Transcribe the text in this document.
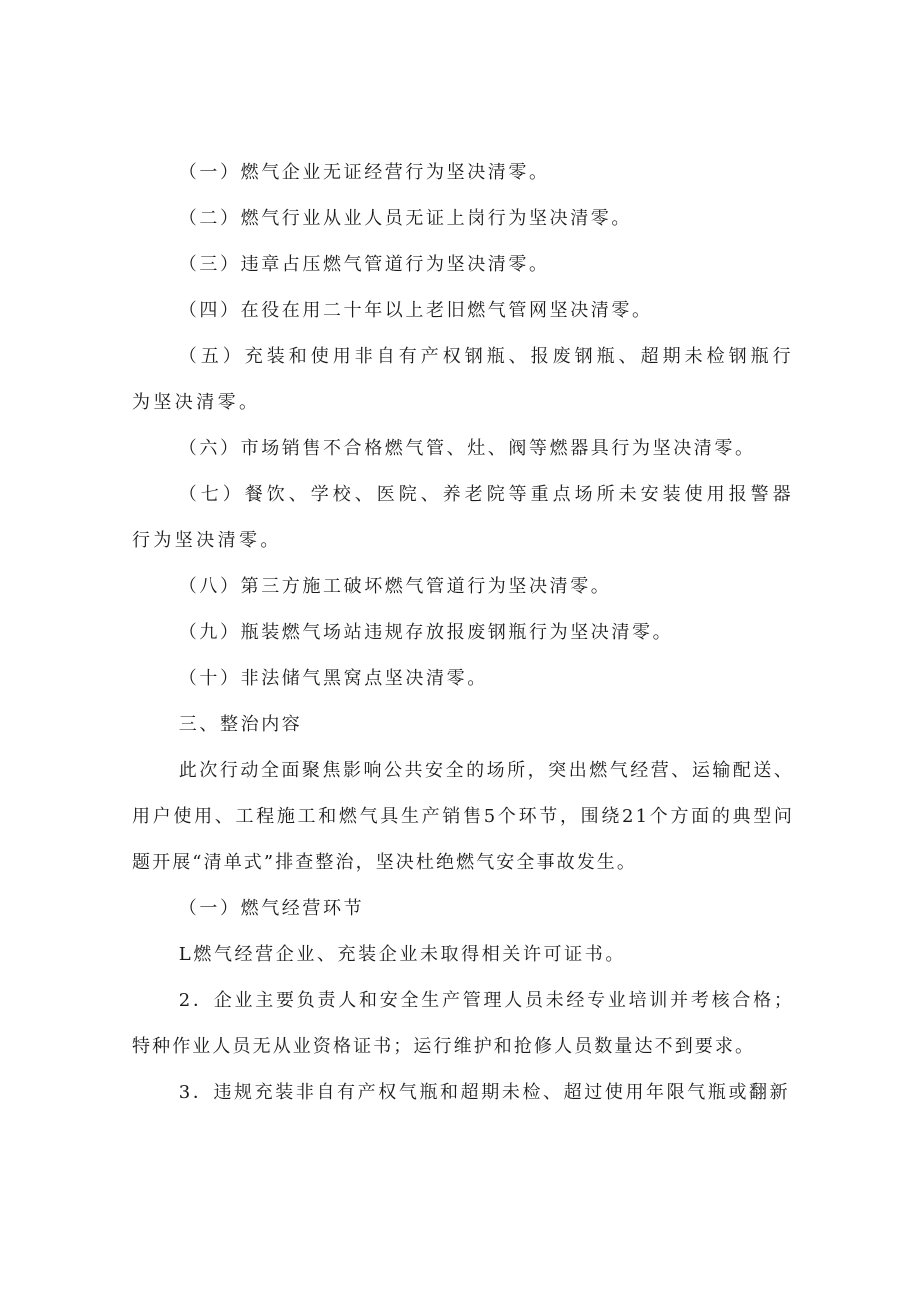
（一）燃气企业无证经营行为坚决清零。

（二）燃气行业从业人员无证上岗行为坚决清零。

（三）违章占压燃气管道行为坚决清零。

（四）在役在用二十年以上老旧燃气管网坚决清零。

（五）充装和使用非自有产权钢瓶、报废钢瓶、超期未检钢瓶行为坚决清零。

（六）市场销售不合格燃气管、灶、阀等燃器具行为坚决清零。

（七）餐饮、学校、医院、养老院等重点场所未安装使用报警器行为坚决清零。

（八）第三方施工破坏燃气管道行为坚决清零。

（九）瓶装燃气场站违规存放报废钢瓶行为坚决清零。

（十）非法储气黑窝点坚决清零。

三、整治内容

此次行动全面聚焦影响公共安全的场所，突出燃气经营、运输配送、用户使用、工程施工和燃气具生产销售5个环节，围绕21个方面的典型问题开展“清单式”排查整治，坚决杜绝燃气安全事故发生。

（一）燃气经营环节

L燃气经营企业、充装企业未取得相关许可证书。

2．企业主要负责人和安全生产管理人员未经专业培训并考核合格；特种作业人员无从业资格证书；运行维护和抢修人员数量达不到要求。

3．违规充装非自有产权气瓶和超期未检、超过使用年限气瓶或翻新
